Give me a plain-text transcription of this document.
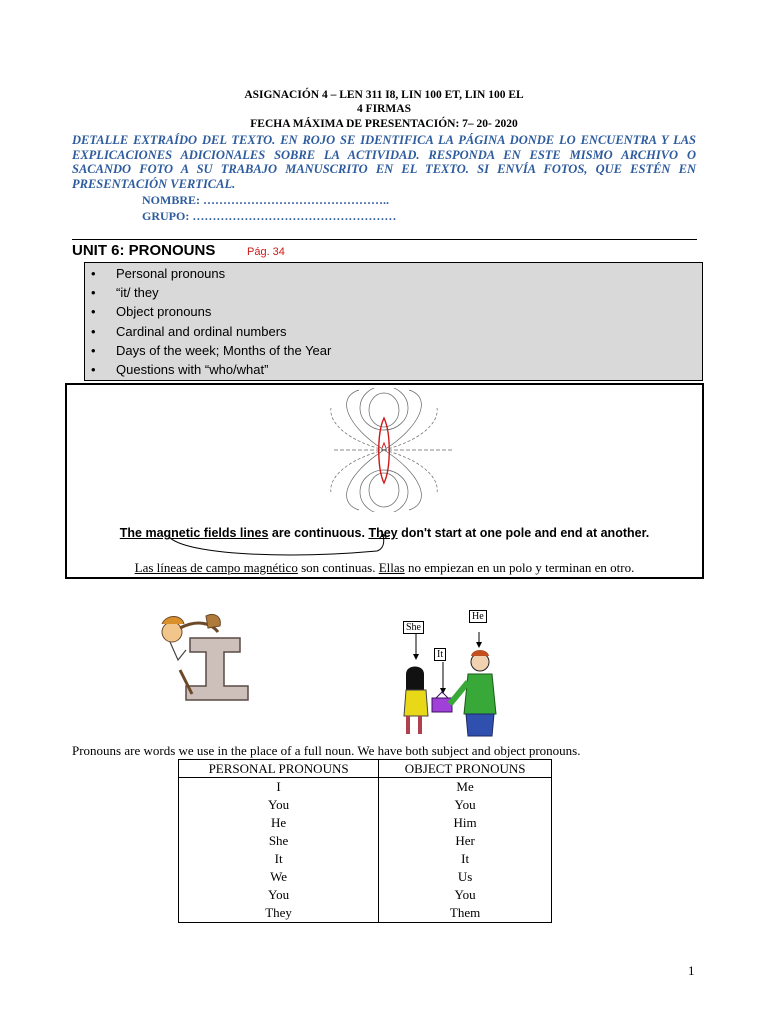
ASIGNACIÓN 4 – LEN 311 I8, LIN 100 ET, LIN 100 EL
4 FIRMAS
FECHA MÁXIMA DE PRESENTACIÓN: 7– 20- 2020
DETALLE EXTRAÍDO DEL TEXTO. EN ROJO SE IDENTIFICA LA PÁGINA DONDE LO ENCUENTRA Y LAS EXPLICACIONES ADICIONALES SOBRE LA ACTIVIDAD. RESPONDA EN ESTE MISMO ARCHIVO O SACANDO FOTO A SU TRABAJO MANUSCRITO EN EL TEXTO. SI ENVÍA FOTOS, QUE ESTÉN EN PRESENTACIÓN VERTICAL.
NOMBRE: ………………………………………..
GRUPO: ……………………………………………
UNIT 6: PRONOUNS	Pág. 34
• Personal pronouns
• “it/ they
• Object pronouns
• Cardinal and ordinal numbers
• Days of the week; Months of the Year
• Questions with “who/what”
The magnetic fields lines are continuous. They don't start at one pole and end at another.
Las líneas de campo magnético son continuas. Ellas no empiezan en un polo y terminan en otro.
She
It
He
Pronouns are words we use in the place of a full noun. We have both subject and object pronouns.
PERSONAL PRONOUNS	OBJECT PRONOUNS
I	Me
You	You
He	Him
She	Her
It	It
We	Us
You	You
They	Them
1
